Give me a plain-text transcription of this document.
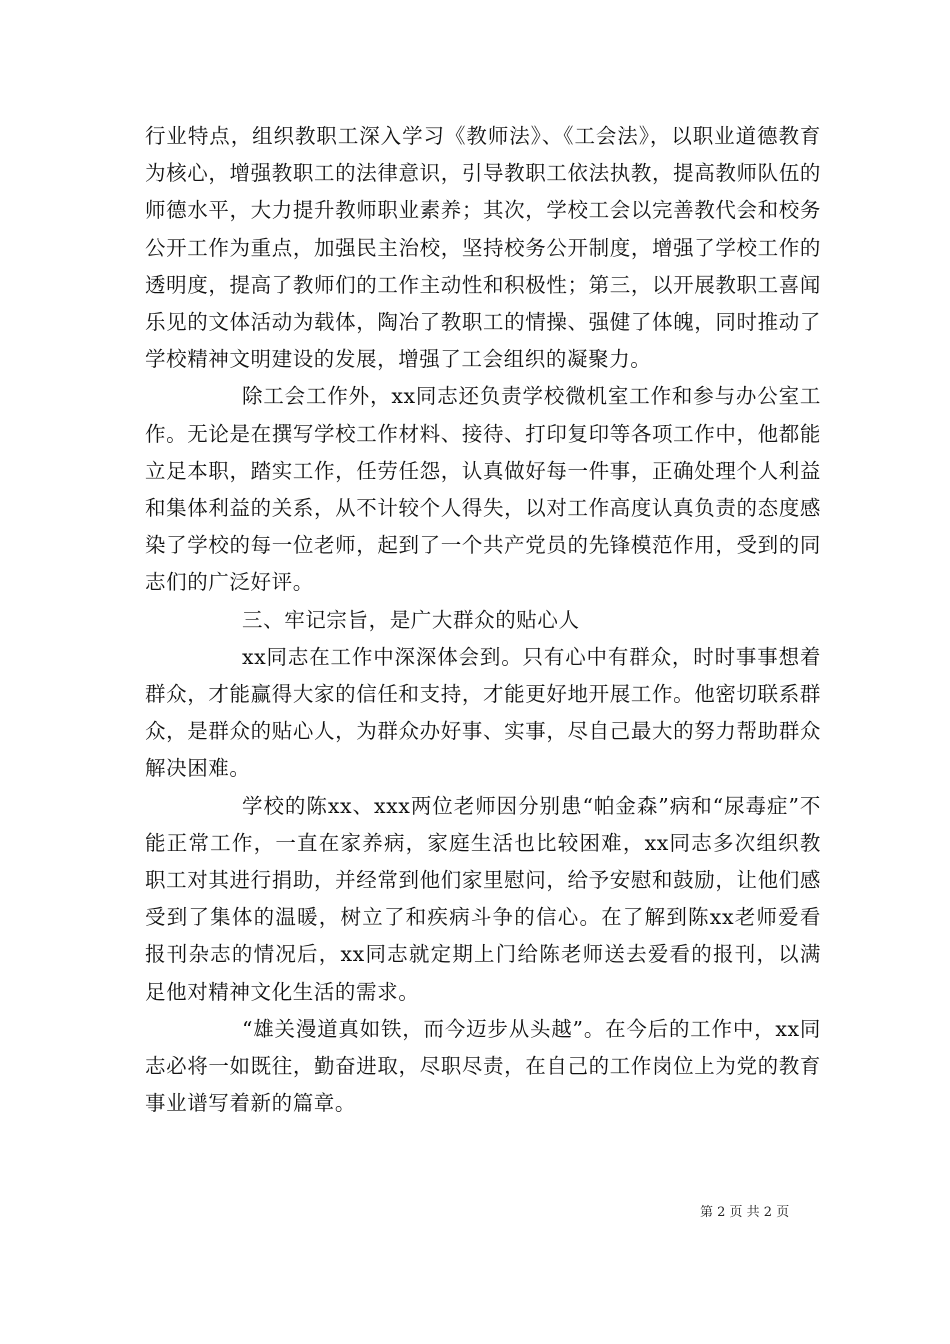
行业特点，组织教职工深入学习《教师法》、《工会法》，以职业道德教育为核心，增强教职工的法律意识，引导教职工依法执教，提高教师队伍的师德水平，大力提升教师职业素养；其次，学校工会以完善教代会和校务公开工作为重点，加强民主治校，坚持校务公开制度，增强了学校工作的透明度，提高了教师们的工作主动性和积极性；第三，以开展教职工喜闻乐见的文体活动为载体，陶冶了教职工的情操、强健了体魄，同时推动了学校精神文明建设的发展，增强了工会组织的凝聚力。

除工会工作外，xx同志还负责学校微机室工作和参与办公室工作。无论是在撰写学校工作材料、接待、打印复印等各项工作中，他都能立足本职，踏实工作，任劳任怨，认真做好每一件事，正确处理个人利益和集体利益的关系，从不计较个人得失，以对工作高度认真负责的态度感染了学校的每一位老师，起到了一个共产党员的先锋模范作用，受到的同志们的广泛好评。

三、牢记宗旨，是广大群众的贴心人

xx同志在工作中深深体会到。只有心中有群众，时时事事想着群众，才能赢得大家的信任和支持，才能更好地开展工作。他密切联系群众，是群众的贴心人，为群众办好事、实事，尽自己最大的努力帮助群众解决困难。

学校的陈xx、xxx两位老师因分别患“帕金森”病和“尿毒症”不能正常工作，一直在家养病，家庭生活也比较困难，xx同志多次组织教职工对其进行捐助，并经常到他们家里慰问，给予安慰和鼓励，让他们感受到了集体的温暖，树立了和疾病斗争的信心。在了解到陈xx老师爱看报刊杂志的情况后，xx同志就定期上门给陈老师送去爱看的报刊，以满足他对精神文化生活的需求。

“雄关漫道真如铁，而今迈步从头越”。在今后的工作中，xx同志必将一如既往，勤奋进取，尽职尽责，在自己的工作岗位上为党的教育事业谱写着新的篇章。

第 2 页 共 2 页
